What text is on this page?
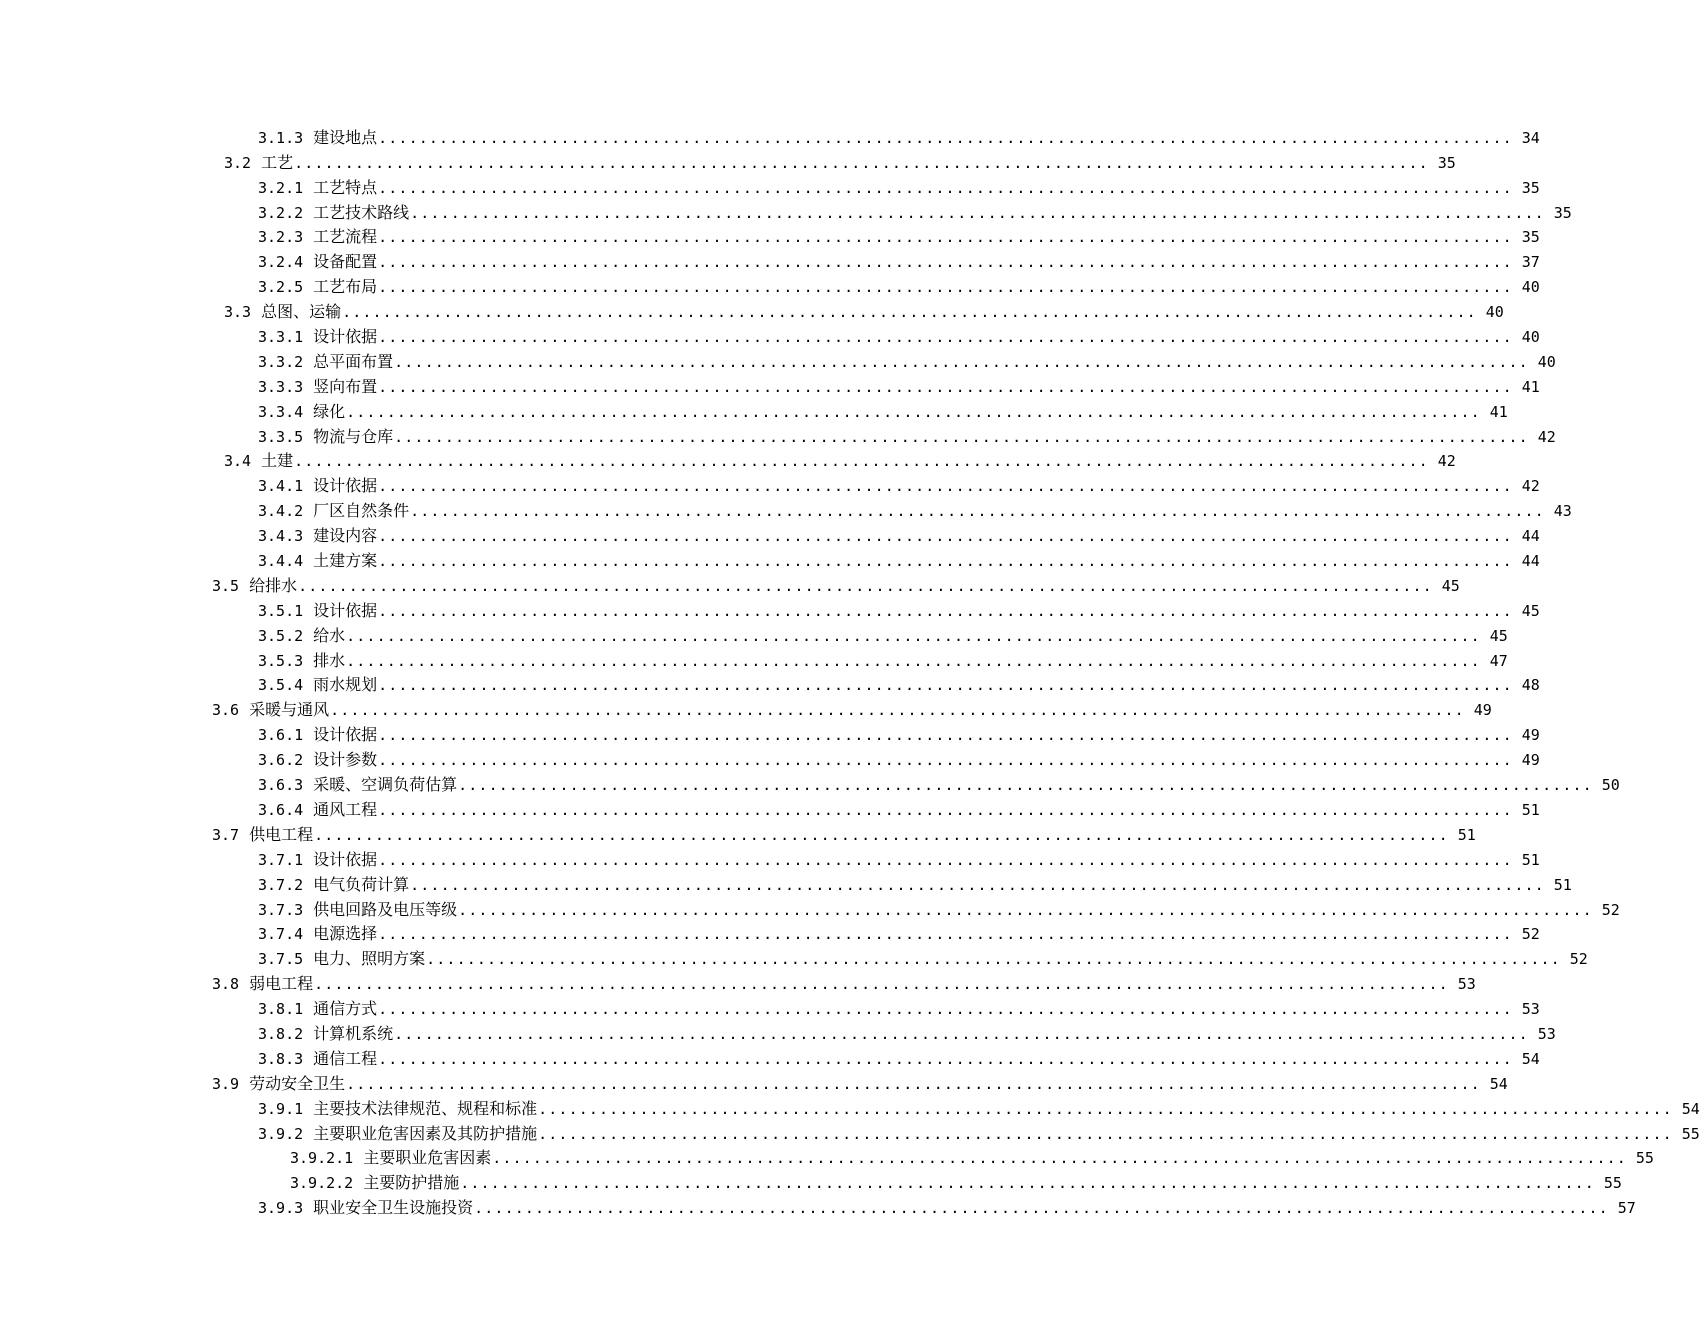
3.1.3 建设地点 ................................................................................................................ 34
3.2 工艺 ................................................................................................................ 35
3.2.1 工艺特点 ................................................................................................................ 35
3.2.2 工艺技术路线 ................................................................................................................ 35
3.2.3 工艺流程 ................................................................................................................ 35
3.2.4 设备配置 ................................................................................................................ 37
3.2.5 工艺布局 ................................................................................................................ 40
3.3 总图、运输 ................................................................................................................ 40
3.3.1 设计依据 ................................................................................................................ 40
3.3.2 总平面布置 ................................................................................................................ 40
3.3.3 竖向布置 ................................................................................................................ 41
3.3.4 绿化 ................................................................................................................ 41
3.3.5 物流与仓库 ................................................................................................................ 42
3.4 土建 ................................................................................................................ 42
3.4.1 设计依据 ................................................................................................................ 42
3.4.2 厂区自然条件 ................................................................................................................ 43
3.4.3 建设内容 ................................................................................................................ 44
3.4.4 土建方案 ................................................................................................................ 44
3.5 给排水 ................................................................................................................ 45
3.5.1 设计依据 ................................................................................................................ 45
3.5.2 给水 ................................................................................................................ 45
3.5.3 排水 ................................................................................................................ 47
3.5.4 雨水规划 ................................................................................................................ 48
3.6 采暖与通风 ................................................................................................................ 49
3.6.1 设计依据 ................................................................................................................ 49
3.6.2 设计参数 ................................................................................................................ 49
3.6.3 采暖、空调负荷估算 ................................................................................................................ 50
3.6.4 通风工程 ................................................................................................................ 51
3.7 供电工程 ................................................................................................................ 51
3.7.1 设计依据 ................................................................................................................ 51
3.7.2 电气负荷计算 ................................................................................................................ 51
3.7.3 供电回路及电压等级 ................................................................................................................ 52
3.7.4 电源选择 ................................................................................................................ 52
3.7.5 电力、照明方案 ................................................................................................................ 52
3.8 弱电工程 ................................................................................................................ 53
3.8.1 通信方式 ................................................................................................................ 53
3.8.2 计算机系统 ................................................................................................................ 53
3.8.3 通信工程 ................................................................................................................ 54
3.9 劳动安全卫生 ................................................................................................................ 54
3.9.1 主要技术法律规范、规程和标准 ................................................................................................................ 54
3.9.2 主要职业危害因素及其防护措施 ................................................................................................................ 55
3.9.2.1 主要职业危害因素 ................................................................................................................ 55
3.9.2.2 主要防护措施 ................................................................................................................ 55
3.9.3 职业安全卫生设施投资 ................................................................................................................ 57
